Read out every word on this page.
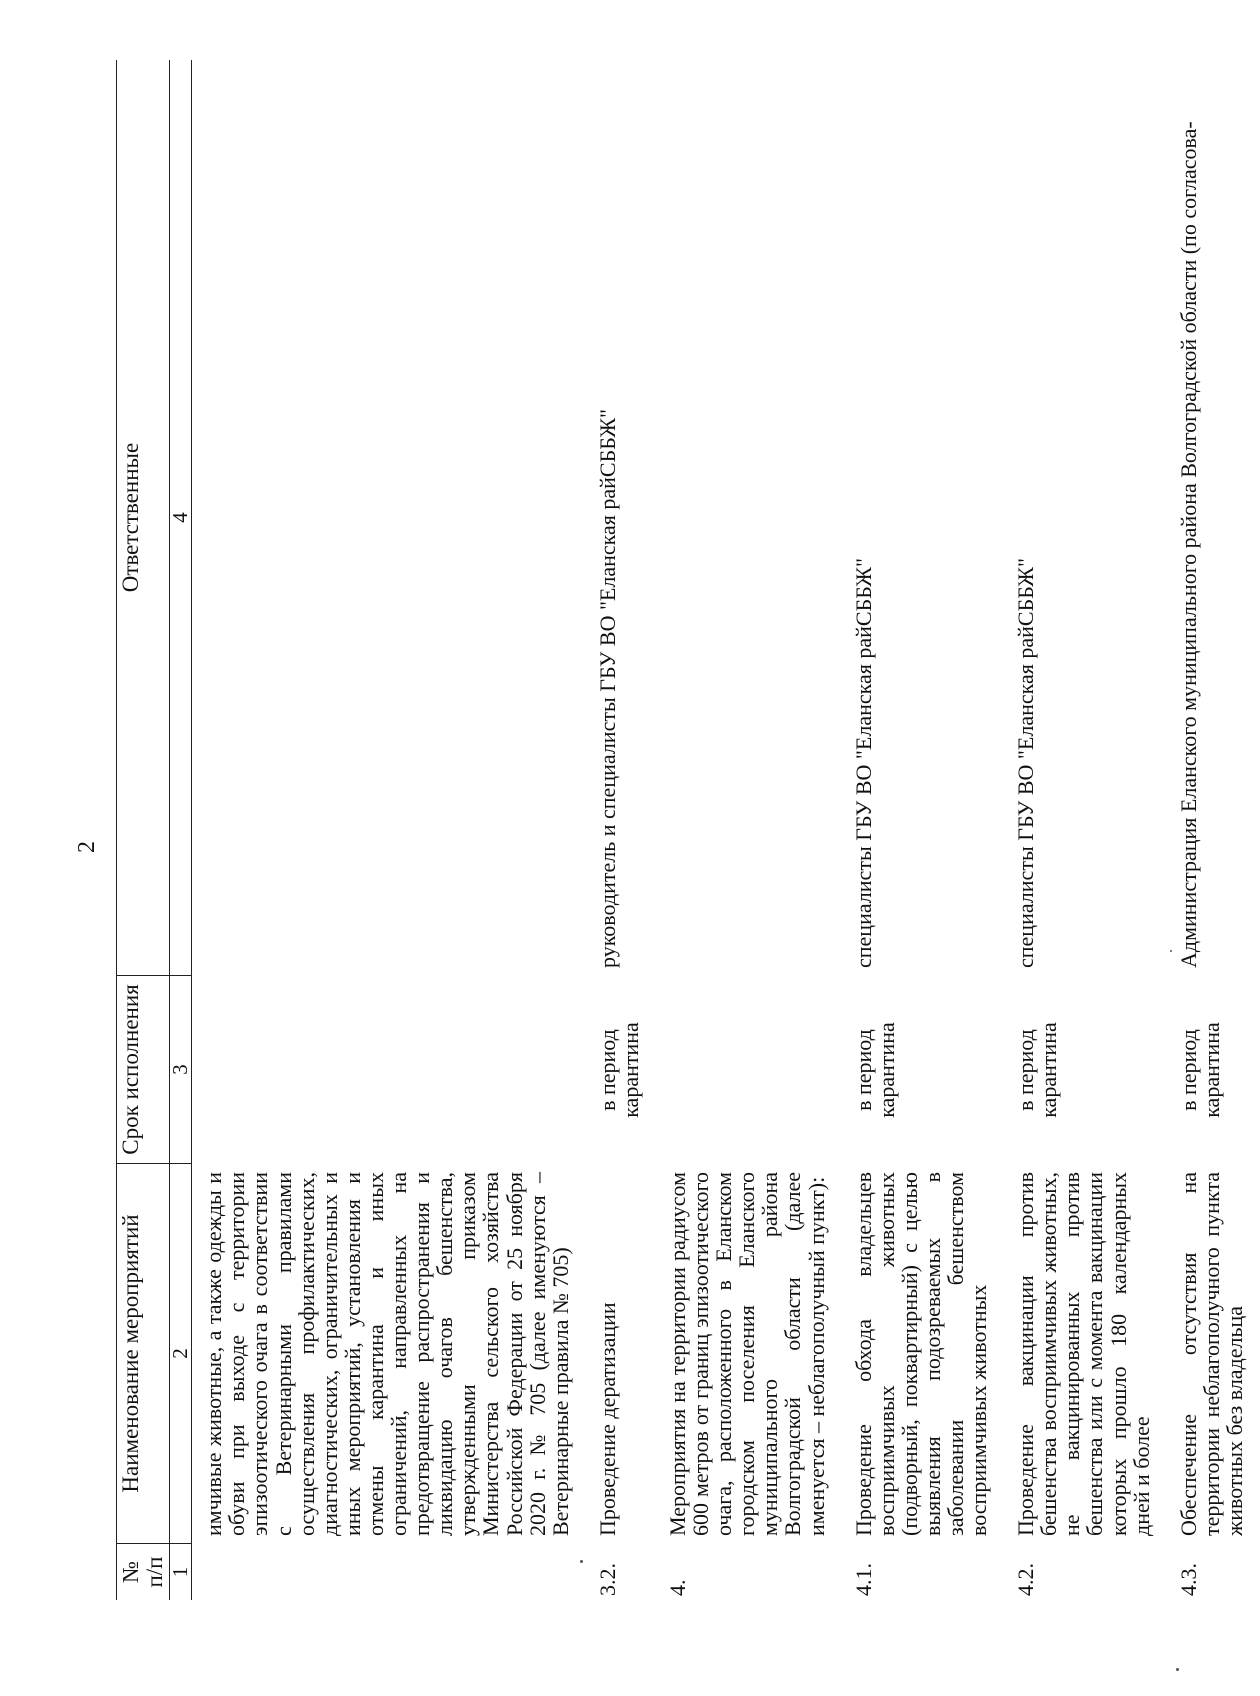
2
№ п/п
Наименование мероприятий
Срок исполнения
Ответственные
1
2
3
4
имчивые животные, а также одежды и обуви при выходе с территории эпизоотического очага в соответствии с Ветеринарными правилами осуществления профилактических, диагностических, ограничительных и иных мероприятий, установления и отмены карантина и иных ограничений, направленных на предотвращение распространения и ликвидацию очагов бешенства, утвержденными приказом Министерства сельского хозяйства Российской Федерации от 25 ноября 2020 г. № 705 (далее именуются – Ветеринарные правила № 705)
3.2.
Проведение дератизации
в период карантина
руководитель и специалисты ГБУ ВО "Еланская райСББЖ"
4.
Мероприятия на территории радиусом 600 метров от границ эпизоотического очага, расположенного в Еланском городском поселения Еланского муниципального района Волгоградской области (далее именуется – неблагополучный пункт):
4.1.
Проведение обхода владельцев восприимчивых животных (подворный, поквартирный) с целью выявления подозреваемых в заболевании бешенством восприимчивых животных
в период карантина
специалисты ГБУ ВО "Еланская райСББЖ"
4.2.
Проведение вакцинации против бешенства восприимчивых животных, не вакцинированных против бешенства или с момента вакцинации которых прошло 180 календарных дней и более
в период карантина
специалисты ГБУ ВО "Еланская райСББЖ"
4.3.
Обеспечение отсутствия на территории неблагополучного пункта животных без владельца
в период карантина
Администрация Еланского муниципального района Волгоградской области (по согласова-
